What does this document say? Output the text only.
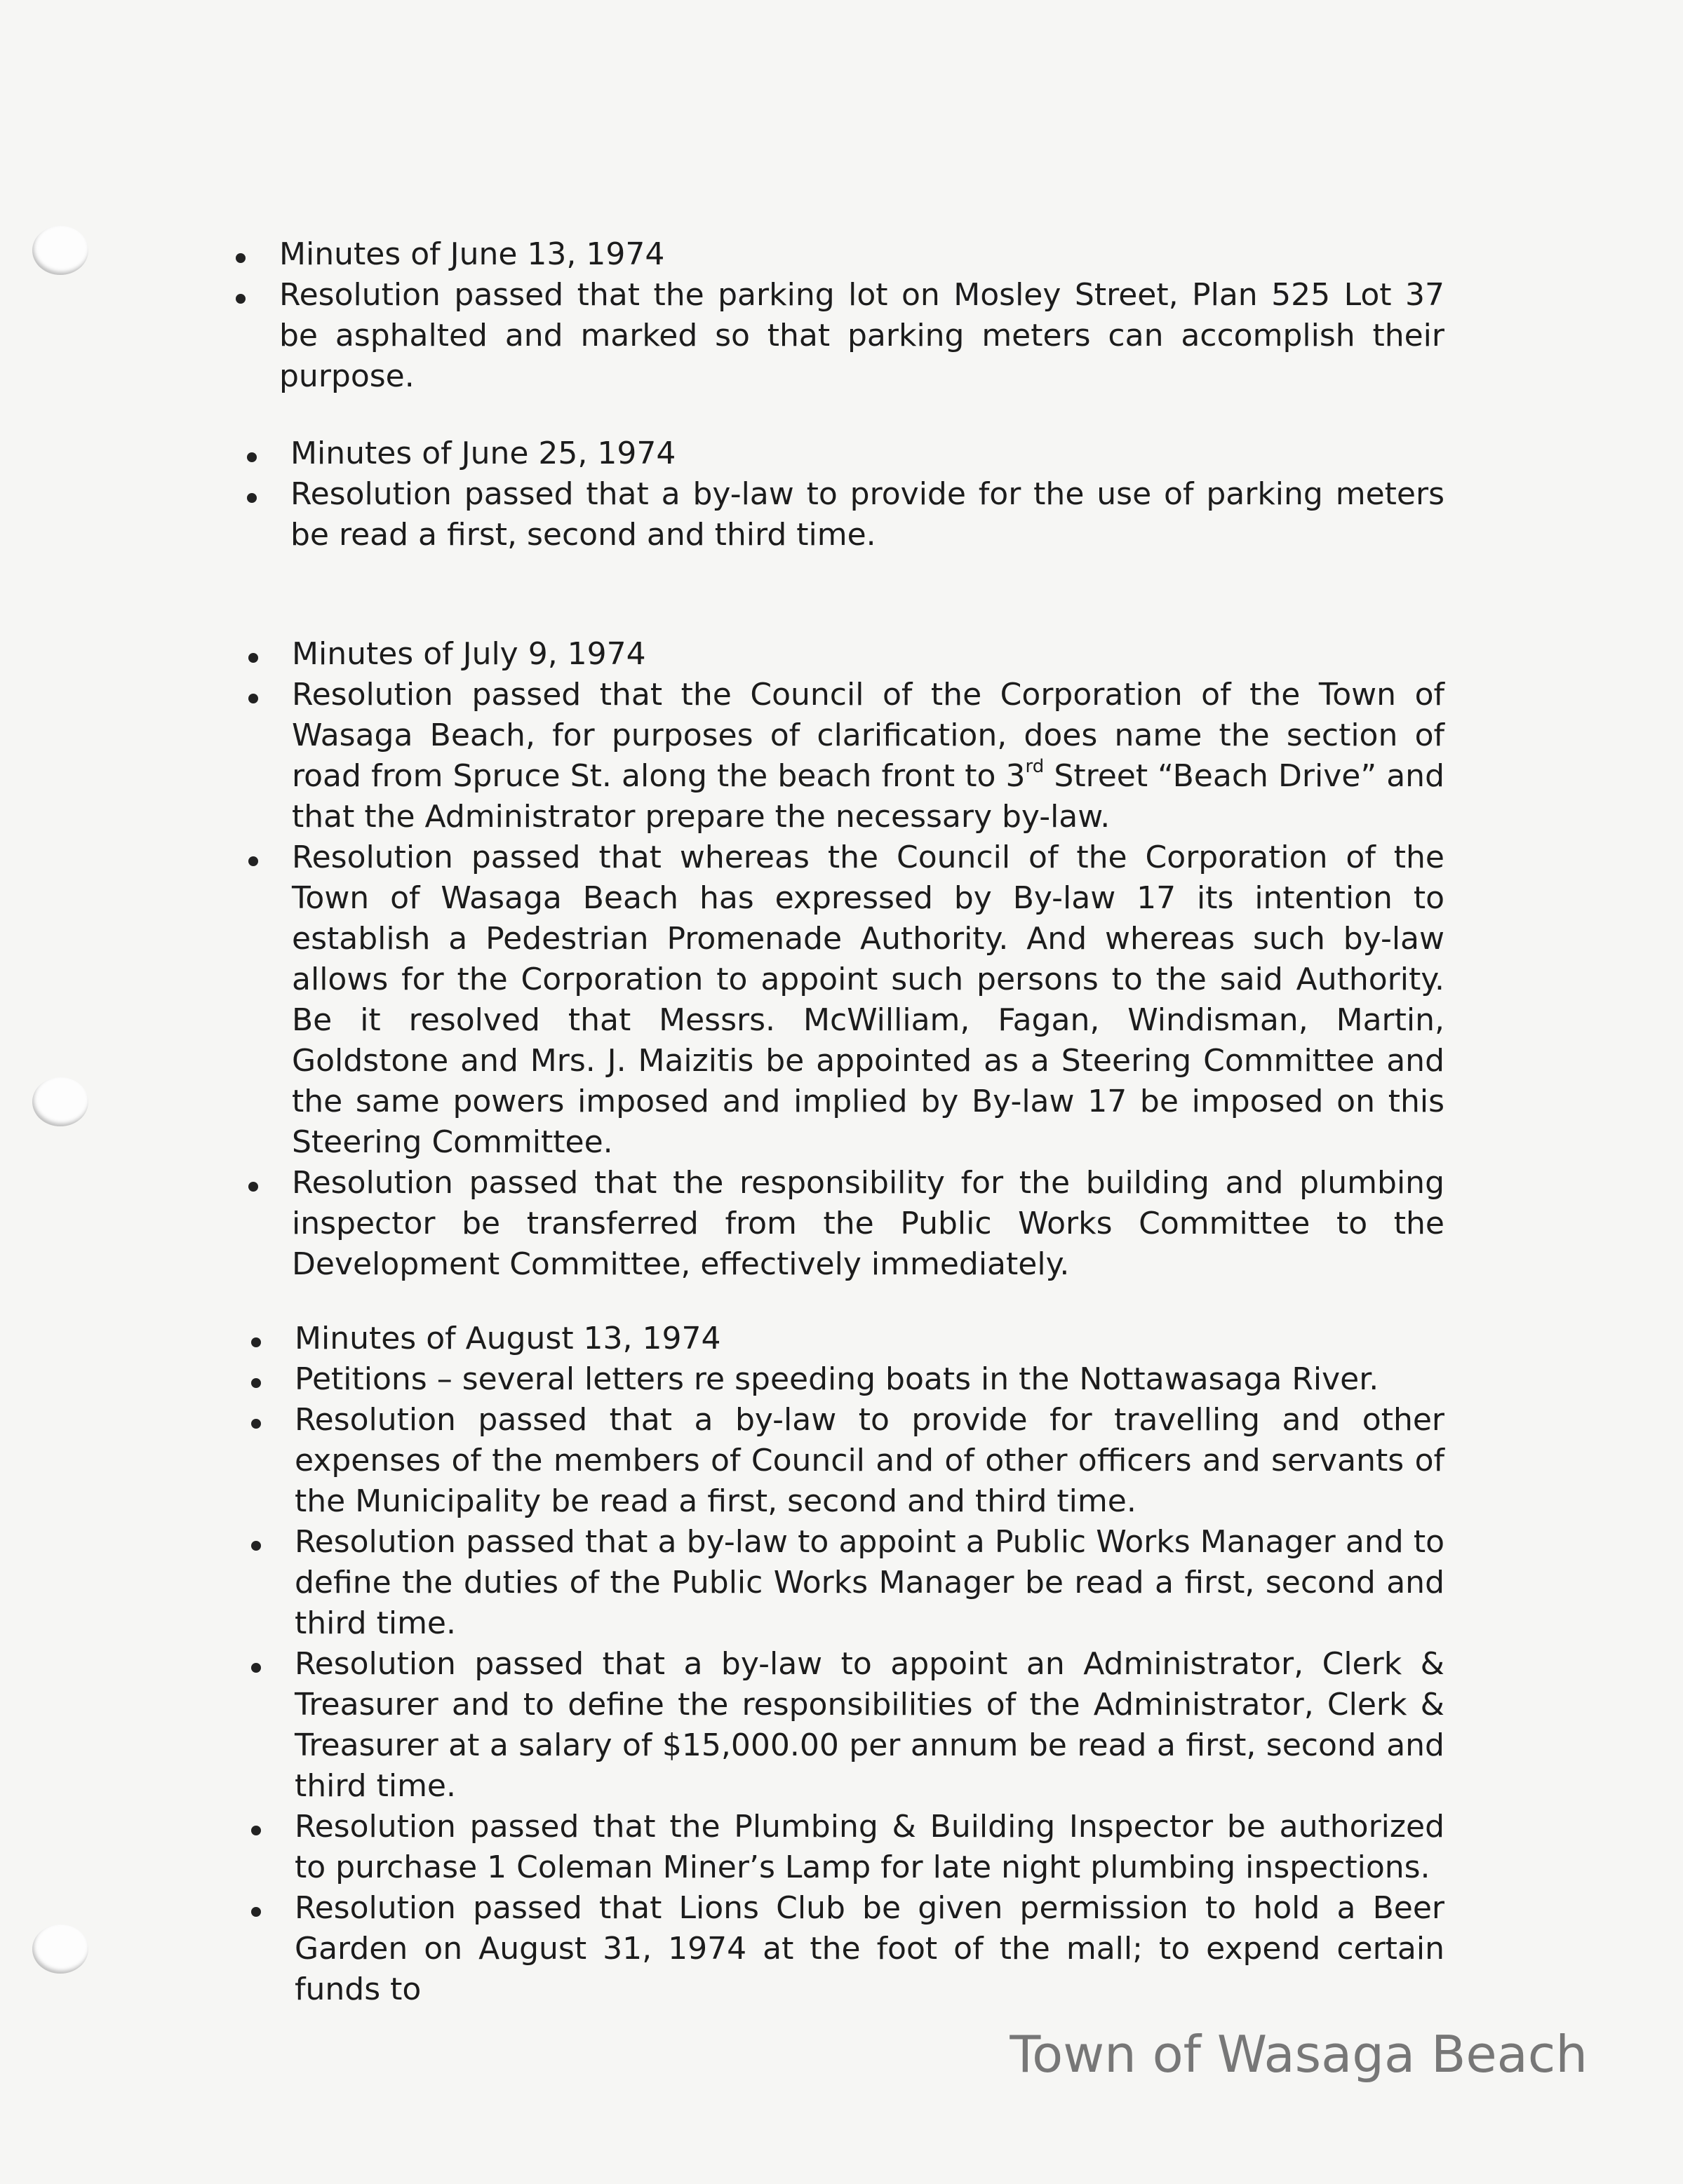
Minutes of June 13, 1974
Resolution passed that the parking lot on Mosley Street, Plan 525 Lot 37 be asphalted and marked so that parking meters can accomplish their purpose.
Minutes of June 25, 1974
Resolution passed that a by-law to provide for the use of parking meters be read a first, second and third time.
Minutes of July 9, 1974
Resolution passed that the Council of the Corporation of the Town of Wasaga Beach, for purposes of clarification, does name the section of road from Spruce St. along the beach front to 3rd Street “Beach Drive” and that the Administrator prepare the necessary by-law.
Resolution passed that whereas the Council of the Corporation of the Town of Wasaga Beach has expressed by By-law 17 its intention to establish a Pedestrian Promenade Authority. And whereas such by-law allows for the Corporation to appoint such persons to the said Authority. Be it resolved that Messrs. McWilliam, Fagan, Windisman, Martin, Goldstone and Mrs. J. Maizitis be appointed as a Steering Committee and the same powers imposed and implied by By-law 17 be imposed on this Steering Committee.
Resolution passed that the responsibility for the building and plumbing inspector be transferred from the Public Works Committee to the Development Committee, effectively immediately.
Minutes of August 13, 1974
Petitions – several letters re speeding boats in the Nottawasaga River.
Resolution passed that a by-law to provide for travelling and other expenses of the members of Council and of other officers and servants of the Municipality be read a first, second and third time.
Resolution passed that a by-law to appoint a Public Works Manager and to define the duties of the Public Works Manager be read a first, second and third time.
Resolution passed that a by-law to appoint an Administrator, Clerk & Treasurer and to define the responsibilities of the Administrator, Clerk & Treasurer at a salary of $15,000.00 per annum be read a first, second and third time.
Resolution passed that the Plumbing & Building Inspector be authorized to purchase 1 Coleman Miner’s Lamp for late night plumbing inspections.
Resolution passed that Lions Club be given permission to hold a Beer Garden on August 31, 1974 at the foot of the mall; to expend certain funds to
Town of Wasaga Beach
